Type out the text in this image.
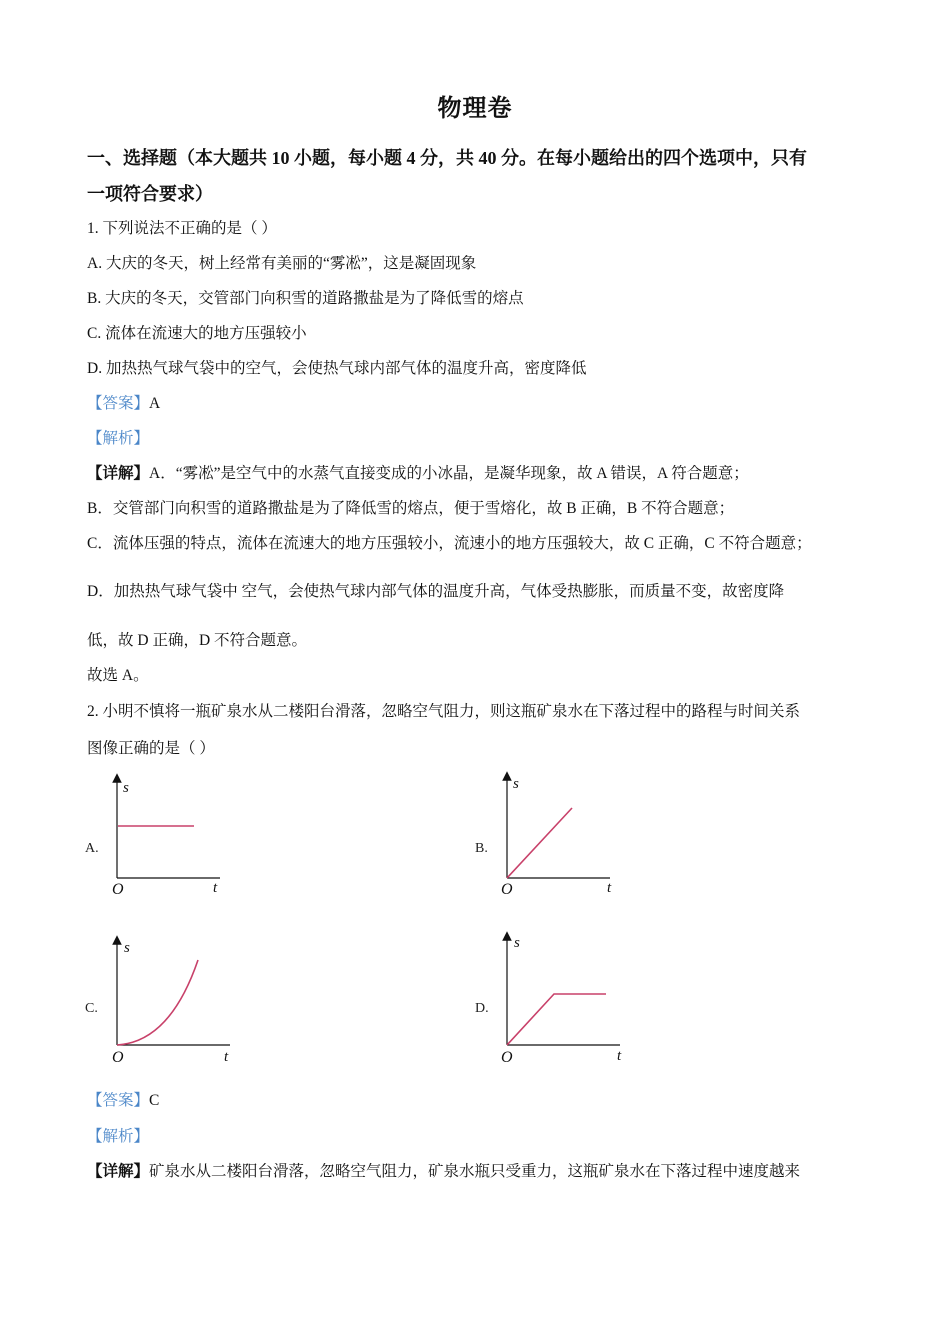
物理卷
一、选择题（本大题共 10 小题，每小题 4 分，共 40 分。在每小题给出的四个选项中，只有
一项符合要求）
1. 下列说法不正确的是（ ）
A. 大庆的冬天，树上经常有美丽的“雾凇”，这是凝固现象
B. 大庆的冬天，交管部门向积雪的道路撒盐是为了降低雪的熔点
C. 流体在流速大的地方压强较小
D. 加热热气球气袋中的空气，会使热气球内部气体的温度升高，密度降低
【答案】A
【解析】
【详解】A．“雾凇”是空气中的水蒸气直接变成的小冰晶，是凝华现象，故 A 错误，A 符合题意；
B．交管部门向积雪的道路撒盐是为了降低雪的熔点，便于雪熔化，故 B 正确，B 不符合题意；
C．流体压强的特点，流体在流速大的地方压强较小，流速小的地方压强较大，故 C 正确，C 不符合题意；
D．加热热气球气袋中 空气，会使热气球内部气体的温度升高，气体受热膨胀，而质量不变，故密度降
低，故 D 正确，D 不符合题意。
故选 A。
2. 小明不慎将一瓶矿泉水从二楼阳台滑落，忽略空气阻力，则这瓶矿泉水在下落过程中的路程与时间关系
图像正确的是（ ）
A.
s
t
O
B.
s
t
O
C.
s
t
O
D.
s
t
O
【答案】C
【解析】
【详解】矿泉水从二楼阳台滑落，忽略空气阻力，矿泉水瓶只受重力，这瓶矿泉水在下落过程中速度越来
